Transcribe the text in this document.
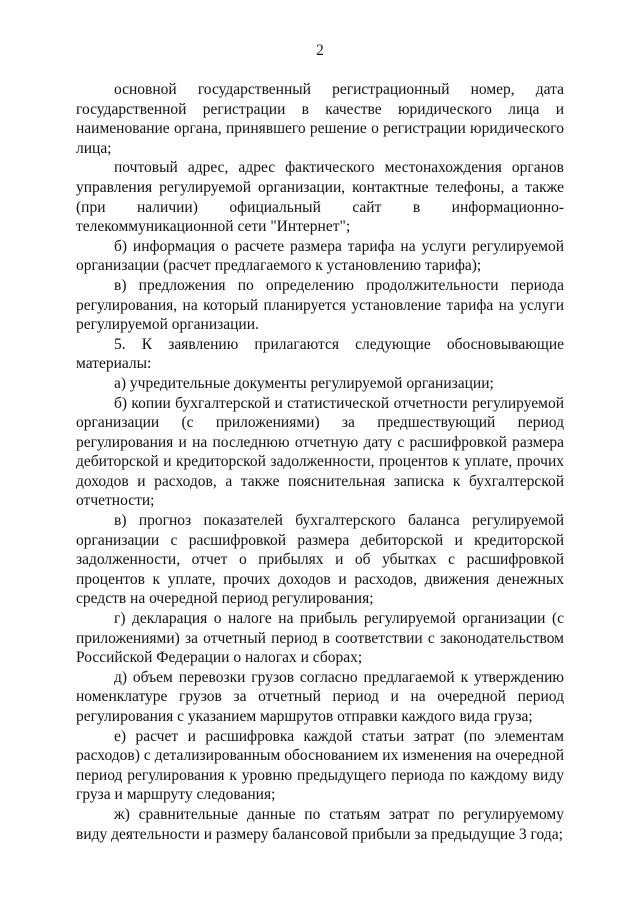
2

основной государственный регистрационный номер, дата государственной регистрации в качестве юридического лица и наименование органа, принявшего решение о регистрации юридического лица;

почтовый адрес, адрес фактического местонахождения органов управления регулируемой организации, контактные телефоны, а также (при наличии) официальный сайт в информационно-телекоммуникационной сети "Интернет";

б) информация о расчете размера тарифа на услуги регулируемой организации (расчет предлагаемого к установлению тарифа);

в) предложения по определению продолжительности периода регулирования, на который планируется установление тарифа на услуги регулируемой организации.

5. К заявлению прилагаются следующие обосновывающие материалы:

а) учредительные документы регулируемой организации;

б) копии бухгалтерской и статистической отчетности регулируемой организации (с приложениями) за предшествующий период регулирования и на последнюю отчетную дату с расшифровкой размера дебиторской и кредиторской задолженности, процентов к уплате, прочих доходов и расходов, а также пояснительная записка к бухгалтерской отчетности;

в) прогноз показателей бухгалтерского баланса регулируемой организации с расшифровкой размера дебиторской и кредиторской задолженности, отчет о прибылях и об убытках с расшифровкой процентов к уплате, прочих доходов и расходов, движения денежных средств на очередной период регулирования;

г) декларация о налоге на прибыль регулируемой организации (с приложениями) за отчетный период в соответствии с законодательством Российской Федерации о налогах и сборах;

д) объем перевозки грузов согласно предлагаемой к утверждению номенклатуре грузов за отчетный период и на очередной период регулирования с указанием маршрутов отправки каждого вида груза;

е) расчет и расшифровка каждой статьи затрат (по элементам расходов) с детализированным обоснованием их изменения на очередной период регулирования к уровню предыдущего периода по каждому виду груза и маршруту следования;

ж) сравнительные данные по статьям затрат по регулируемому виду деятельности и размеру балансовой прибыли за предыдущие 3 года;
